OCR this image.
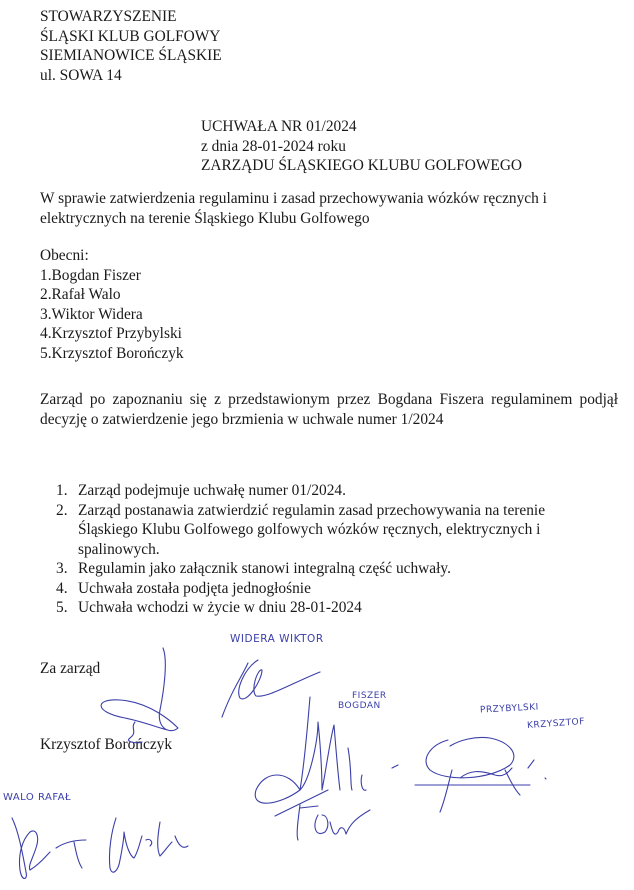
STOWARZYSZENIE
ŚLĄSKI KLUB GOLFOWY
SIEMIANOWICE ŚLĄSKIE
ul. SOWA 14
UCHWAŁA NR 01/2024
z dnia 28-01-2024 roku
ZARZĄDU ŚLĄSKIEGO KLUBU GOLFOWEGO
W sprawie zatwierdzenia regulaminu i zasad przechowywania wózków ręcznych i
elektrycznych na terenie Śląskiego Klubu Golfowego
Obecni:
1.Bogdan Fiszer
2.Rafał Walo
3.Wiktor Widera
4.Krzysztof Przybylski
5.Krzysztof Borończyk
Zarząd po zapoznaniu się z przedstawionym przez Bogdana Fiszera regulaminem podjął decyzję o zatwierdzenie jego brzmienia w uchwale numer 1/2024
1. Zarząd podejmuje uchwałę numer 01/2024.
2. Zarząd postanawia zatwierdzić regulamin zasad przechowywania na terenie Śląskiego Klubu Golfowego golfowych wózków ręcznych, elektrycznych i spalinowych.
3. Regulamin jako załącznik stanowi integralną część uchwały.
4. Uchwała została podjęta jednogłośnie
5. Uchwała wchodzi w życie w dniu 28-01-2024
Za zarząd
Krzysztof Borończyk
WIDERA WIKTOR
FISZER
BOGDAN	PRZYBYLSKI
KRZYSZTOF
WALO RAFAŁ
